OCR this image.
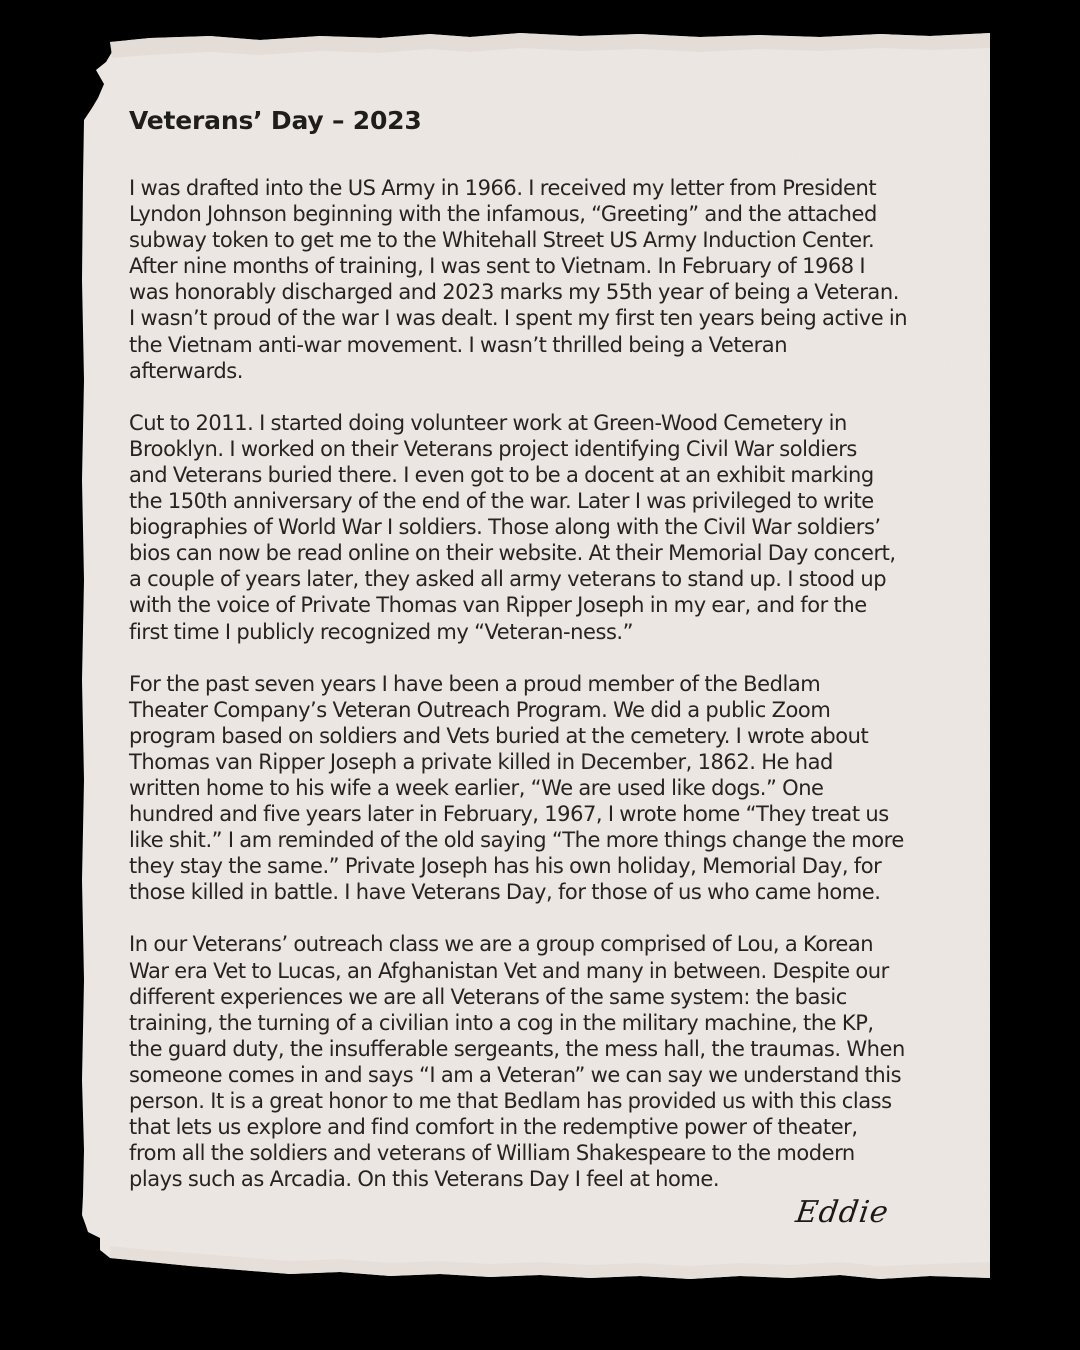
Veterans’ Day – 2023
I was drafted into the US Army in 1966. I received my letter from President
Lyndon Johnson beginning with the infamous, “Greeting” and the attached
subway token to get me to the Whitehall Street US Army Induction Center.
After nine months of training, I was sent to Vietnam. In February of 1968 I
was honorably discharged and 2023 marks my 55th year of being a Veteran.
I wasn’t proud of the war I was dealt. I spent my first ten years being active in
the Vietnam anti-war movement. I wasn’t thrilled being a Veteran
afterwards.
Cut to 2011. I started doing volunteer work at Green-Wood Cemetery in
Brooklyn. I worked on their Veterans project identifying Civil War soldiers
and Veterans buried there. I even got to be a docent at an exhibit marking
the 150th anniversary of the end of the war. Later I was privileged to write
biographies of World War I soldiers. Those along with the Civil War soldiers’
bios can now be read online on their website. At their Memorial Day concert,
a couple of years later, they asked all army veterans to stand up. I stood up
with the voice of Private Thomas van Ripper Joseph in my ear, and for the
first time I publicly recognized my “Veteran-ness.”
For the past seven years I have been a proud member of the Bedlam
Theater Company’s Veteran Outreach Program. We did a public Zoom
program based on soldiers and Vets buried at the cemetery. I wrote about
Thomas van Ripper Joseph a private killed in December, 1862. He had
written home to his wife a week earlier, “We are used like dogs.” One
hundred and five years later in February, 1967, I wrote home “They treat us
like shit.” I am reminded of the old saying “The more things change the more
they stay the same.” Private Joseph has his own holiday, Memorial Day, for
those killed in battle. I have Veterans Day, for those of us who came home.
In our Veterans’ outreach class we are a group comprised of Lou, a Korean
War era Vet to Lucas, an Afghanistan Vet and many in between. Despite our
different experiences we are all Veterans of the same system: the basic
training, the turning of a civilian into a cog in the military machine, the KP,
the guard duty, the insufferable sergeants, the mess hall, the traumas. When
someone comes in and says “I am a Veteran” we can say we understand this
person. It is a great honor to me that Bedlam has provided us with this class
that lets us explore and find comfort in the redemptive power of theater,
from all the soldiers and veterans of William Shakespeare to the modern
plays such as Arcadia. On this Veterans Day I feel at home.
Eddie
